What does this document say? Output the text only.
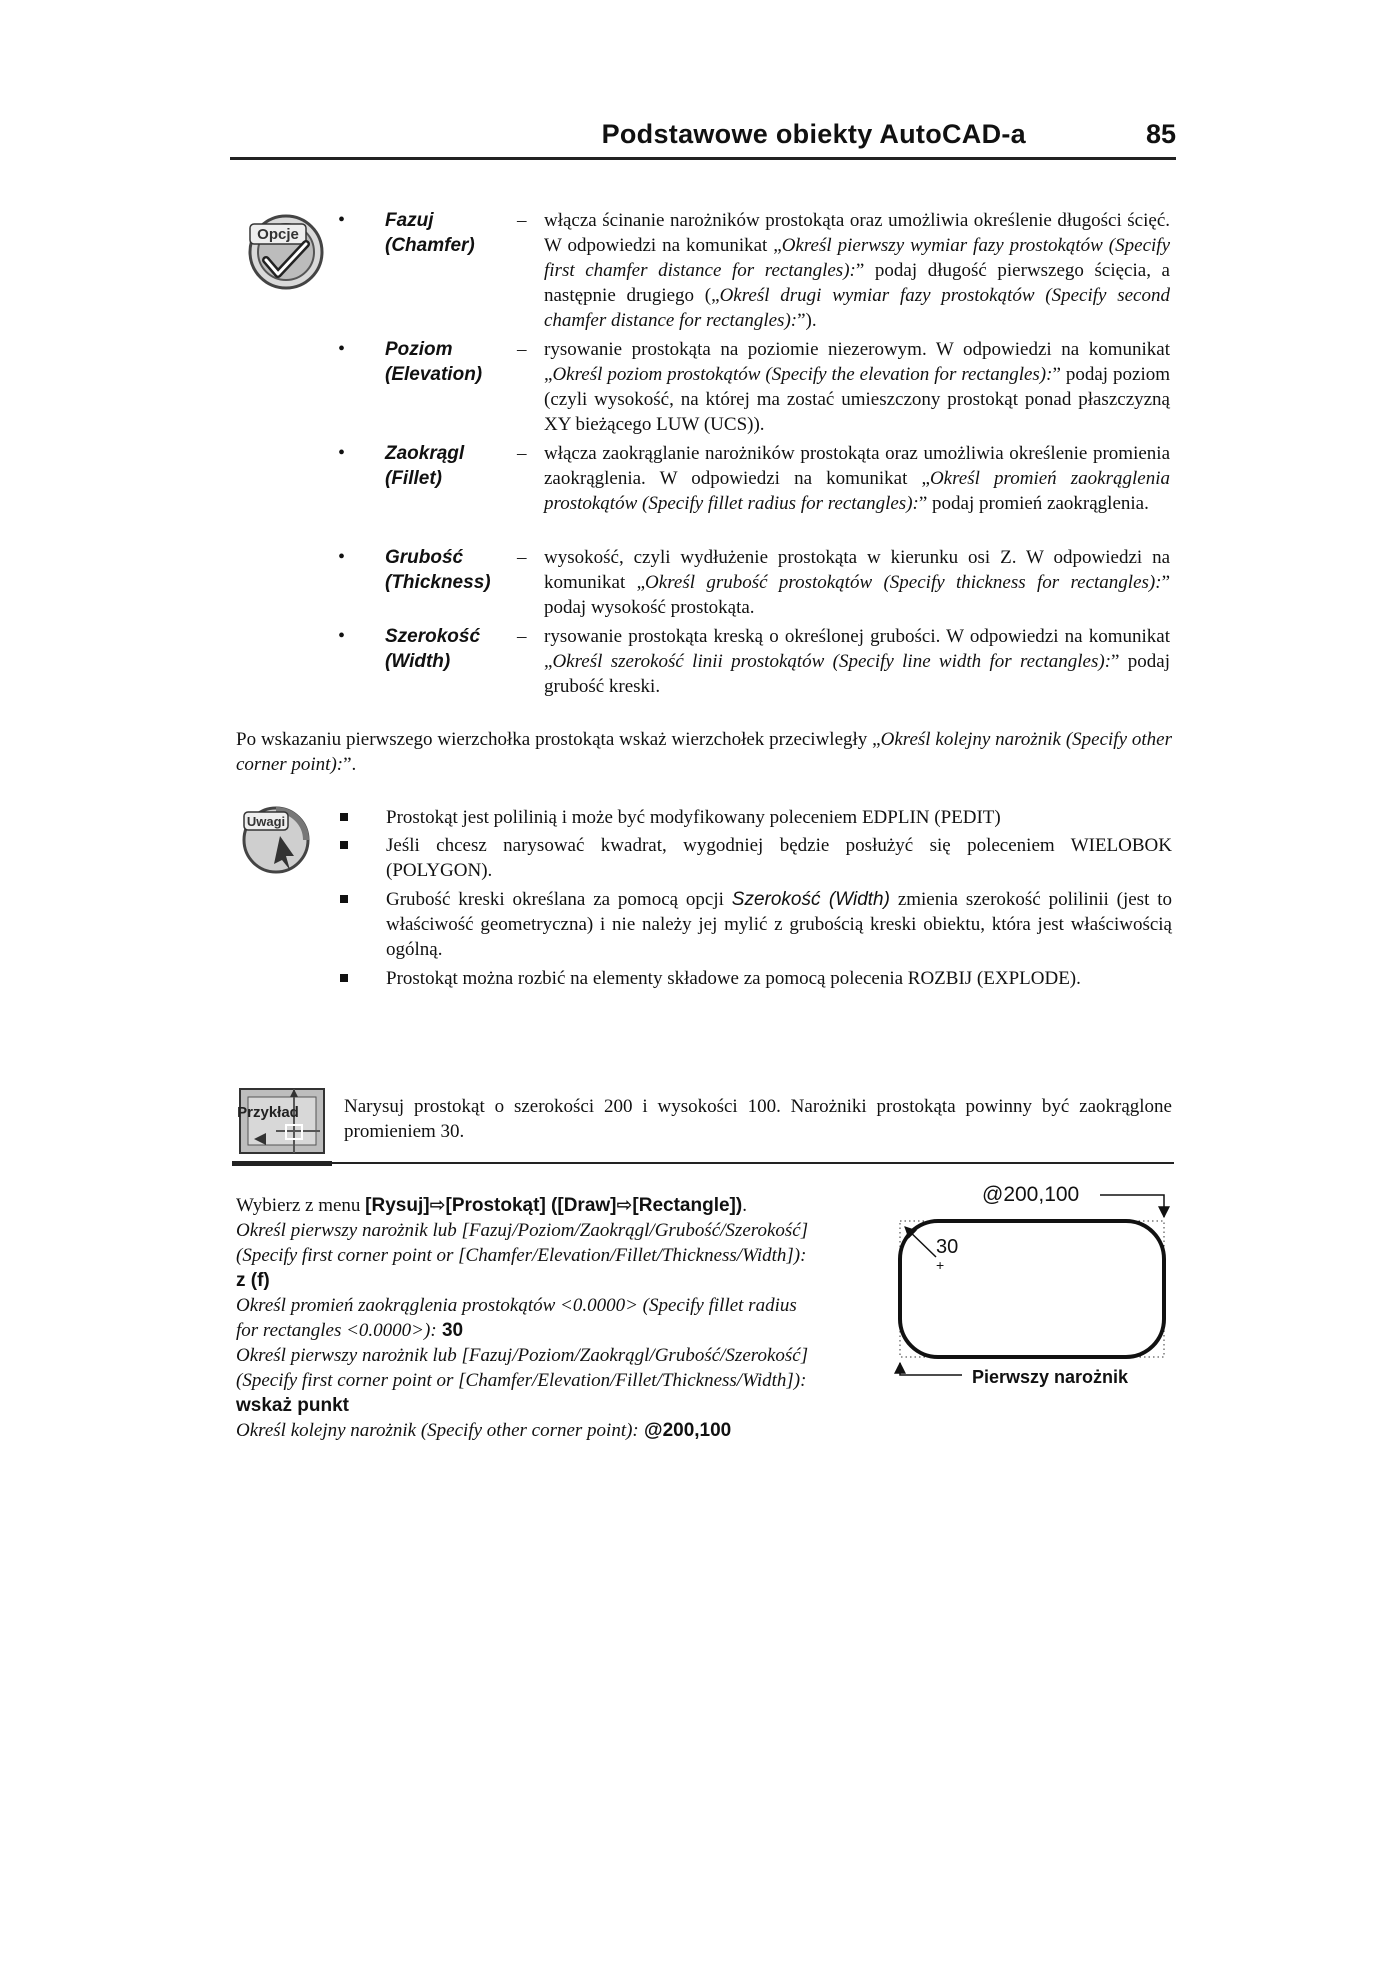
Podstawowe obiekty AutoCAD-a	85
Opcje
• Fazuj
(Chamfer)
– włącza ścinanie narożników prostokąta oraz umożliwia określenie długości ścięć. W odpowiedzi na komunikat „Określ pierwszy wymiar fazy prostokątów (Specify first chamfer distance for rectangles):” podaj długość pierwszego ścięcia, a następnie drugiego („Określ drugi wymiar fazy prostokątów (Specify second chamfer distance for rectangles):”).
• Poziom
(Elevation)
– rysowanie prostokąta na poziomie niezerowym. W odpowiedzi na komunikat „Określ poziom prostokątów (Specify the elevation for rectangles):” podaj poziom (czyli wysokość, na której ma zostać umieszczony prostokąt ponad płaszczyzną XY bieżącego LUW (UCS)).
• Zaokrągl
(Fillet)
– włącza zaokrąglanie narożników prostokąta oraz umożliwia określenie promienia zaokrąglenia. W odpowiedzi na komunikat „Określ promień zaokrąglenia prostokątów (Specify fillet radius for rectangles):” podaj promień zaokrąglenia.
• Grubość
(Thickness)
– wysokość, czyli wydłużenie prostokąta w kierunku osi Z. W odpowiedzi na komunikat „Określ grubość prostokątów (Specify thickness for rectangles):” podaj wysokość prostokąta.
• Szerokość
(Width)
– rysowanie prostokąta kreską o określonej grubości. W odpowiedzi na komunikat „Określ szerokość linii prostokątów (Specify line width for rectangles):” podaj grubość kreski.
Po wskazaniu pierwszego wierzchołka prostokąta wskaż wierzchołek przeciwległy „Określ kolejny narożnik (Specify other corner point):”.
Uwagi	Prostokąt jest polilinią i może być modyfikowany poleceniem EDPLIN (PEDIT)
Jeśli chcesz narysować kwadrat, wygodniej będzie posłużyć się poleceniem WIELOBOK (POLYGON).
Grubość kreski określana za pomocą opcji Szerokość (Width) zmienia szerokość polilinii (jest to właściwość geometryczna) i nie należy jej mylić z grubością kreski obiektu, która jest właściwością ogólną.
Prostokąt można rozbić na elementy składowe za pomocą polecenia ROZBIJ (EXPLODE).
Przykład Narysuj prostokąt o szerokości 200 i wysokości 100. Narożniki prostokąta powinny być zaokrąglone promieniem 30.
Wybierz z menu [Rysuj]⇨[Prostokąt] ([Draw]⇨[Rectangle]).
Określ pierwszy narożnik lub [Fazuj/Poziom/Zaokrągl/Grubość/Szerokość]
(Specify first corner point or [Chamfer/Elevation/Fillet/Thickness/Width]):
z (f)
Określ promień zaokrąglenia prostokątów <0.0000> (Specify fillet radius
for rectangles <0.0000>): 30
Określ pierwszy narożnik lub [Fazuj/Poziom/Zaokrągl/Grubość/Szerokość]
(Specify first corner point or [Chamfer/Elevation/Fillet/Thickness/Width]):
wskaż punkt
Określ kolejny narożnik (Specify other corner point): @200,100
30
+
@200,100
Pierwszy narożnik
